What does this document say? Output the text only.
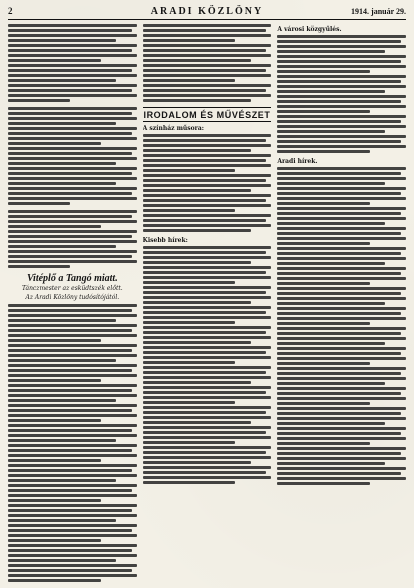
2	ARADI KÖZLÖNY	1914. január 29.
Vitéplő a Tangó miatt.
Tánczmester az esküdtszék előtt.
Az Aradi Közlöny tudósítójától.
IRODALOM ÉS MŰVÉSZET
A színház műsora:
Kisebb hírek:
A városi közgyűlés.
Aradi hírek.
